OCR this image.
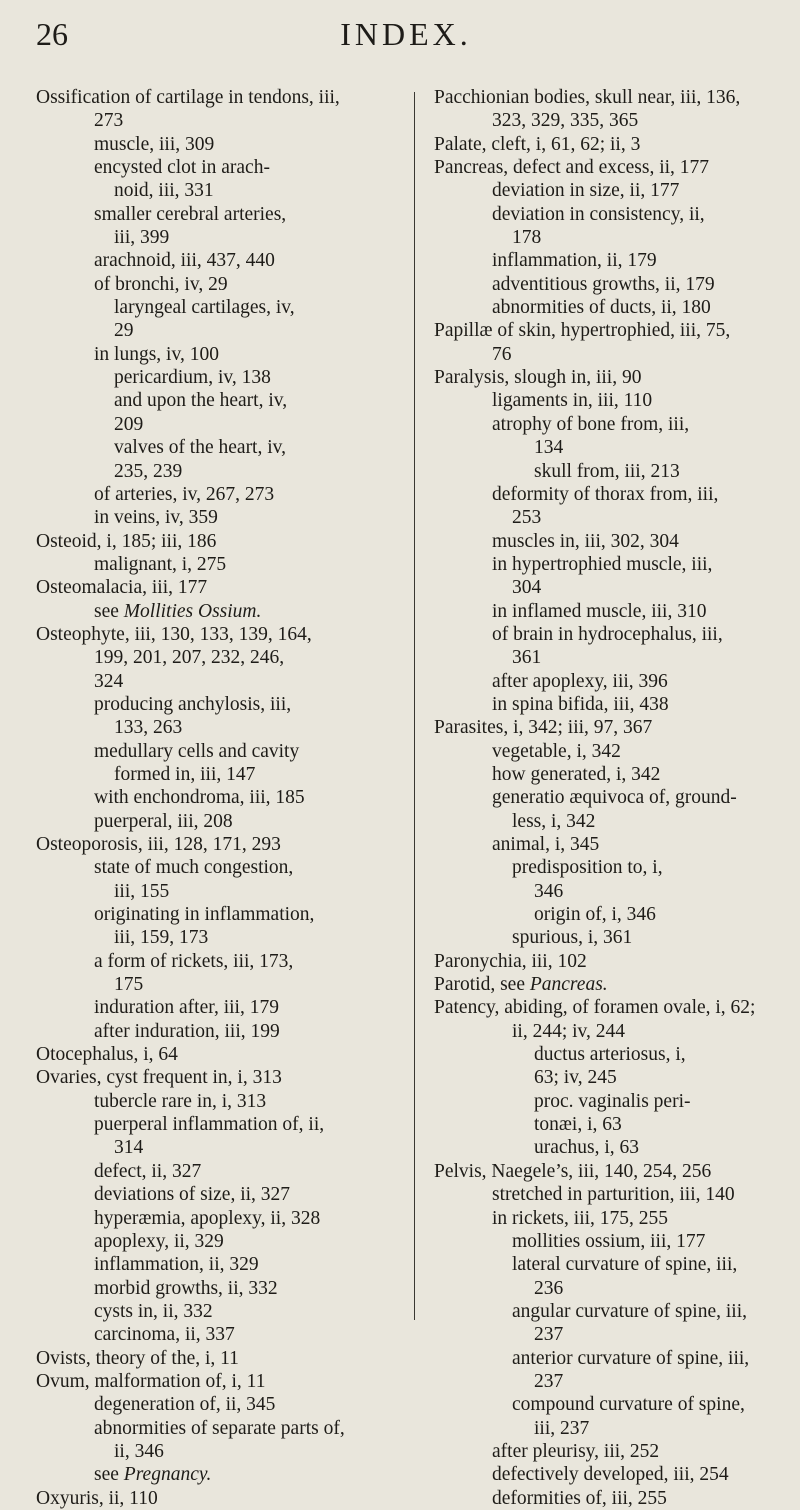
26	INDEX.

Ossification of cartilage in tendons, iii,

273

muscle, iii, 309

encysted clot in arach-

noid, iii, 331

smaller cerebral arteries,

iii, 399

arachnoid, iii, 437, 440

of bronchi, iv, 29

laryngeal cartilages, iv,

29

in lungs, iv, 100

pericardium, iv, 138

and upon the heart, iv,

209

valves of the heart, iv,

235, 239

of arteries, iv, 267, 273

in veins, iv, 359

Osteoid, i, 185; iii, 186

malignant, i, 275

Osteomalacia, iii, 177

see Mollities Ossium.

Osteophyte, iii, 130, 133, 139, 164,

199, 201, 207, 232, 246,

324

producing anchylosis, iii,

133, 263

medullary cells and cavity

formed in, iii, 147

with enchondroma, iii, 185

puerperal, iii, 208

Osteoporosis, iii, 128, 171, 293

state of much congestion,

iii, 155

originating in inflammation,

iii, 159, 173

a form of rickets, iii, 173,

175

induration after, iii, 179

after induration, iii, 199

Otocephalus, i, 64

Ovaries, cyst frequent in, i, 313

tubercle rare in, i, 313

puerperal inflammation of, ii,

314

defect, ii, 327

deviations of size, ii, 327

hyperæmia, apoplexy, ii, 328

apoplexy, ii, 329

inflammation, ii, 329

morbid growths, ii, 332

cysts in, ii, 332

carcinoma, ii, 337

Ovists, theory of the, i, 11

Ovum, malformation of, i, 11

degeneration of, ii, 345

abnormities of separate parts of,

ii, 346

see Pregnancy.

Oxyuris, ii, 110

Pacchionian bodies, skull near, iii, 136,

323, 329, 335, 365

Palate, cleft, i, 61, 62; ii, 3

Pancreas, defect and excess, ii, 177

deviation in size, ii, 177

deviation in consistency, ii,

178

inflammation, ii, 179

adventitious growths, ii, 179

abnormities of ducts, ii, 180

Papillæ of skin, hypertrophied, iii, 75,

76

Paralysis, slough in, iii, 90

ligaments in, iii, 110

atrophy of bone from, iii,

134

skull from, iii, 213

deformity of thorax from, iii,

253

muscles in, iii, 302, 304

in hypertrophied muscle, iii,

304

in inflamed muscle, iii, 310

of brain in hydrocephalus, iii,

361

after apoplexy, iii, 396

in spina bifida, iii, 438

Parasites, i, 342; iii, 97, 367

vegetable, i, 342

how generated, i, 342

generatio æquivoca of, ground-

less, i, 342

animal, i, 345

predisposition to, i,

346

origin of, i, 346

spurious, i, 361

Paronychia, iii, 102

Parotid, see Pancreas.

Patency, abiding, of foramen ovale, i, 62;

ii, 244; iv, 244

ductus arteriosus, i,

63; iv, 245

proc. vaginalis peri-

tonæi, i, 63

urachus, i, 63

Pelvis, Naegele’s, iii, 140, 254, 256

stretched in parturition, iii, 140

in rickets, iii, 175, 255

mollities ossium, iii, 177

lateral curvature of spine, iii,

236

angular curvature of spine, iii,

237

anterior curvature of spine, iii,

237

compound curvature of spine,

iii, 237

after pleurisy, iii, 252

defectively developed, iii, 254

deformities of, iii, 255
